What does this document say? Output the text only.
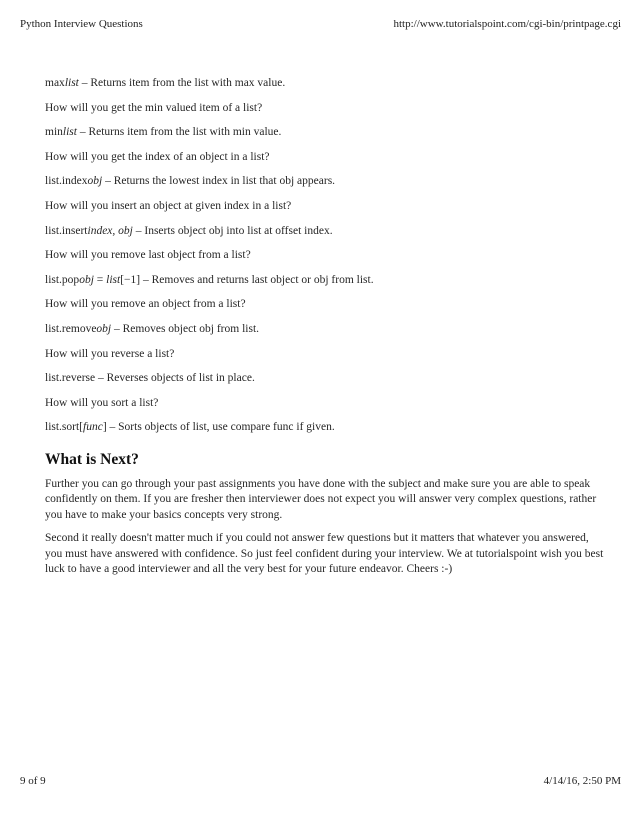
Python Interview Questions	http://www.tutorialspoint.com/cgi-bin/printpage.cgi

maxlist – Returns item from the list with max value.

How will you get the min valued item of a list?

minlist – Returns item from the list with min value.

How will you get the index of an object in a list?

list.indexobj – Returns the lowest index in list that obj appears.

How will you insert an object at given index in a list?

list.insertindex, obj – Inserts object obj into list at offset index.

How will you remove last object from a list?

list.popobj = list[−1] – Removes and returns last object or obj from list.

How will you remove an object from a list?

list.removeobj – Removes object obj from list.

How will you reverse a list?

list.reverse – Reverses objects of list in place.

How will you sort a list?

list.sort[func] – Sorts objects of list, use compare func if given.

What is Next?

Further you can go through your past assignments you have done with the subject and make sure you are able to speak confidently on them. If you are fresher then interviewer does not expect you will answer very complex questions, rather you have to make your basics concepts very strong.

Second it really doesn't matter much if you could not answer few questions but it matters that whatever you answered, you must have answered with confidence. So just feel confident during your interview. We at tutorialspoint wish you best luck to have a good interviewer and all the very best for your future endeavor. Cheers :-)

9 of 9	4/14/16, 2:50 PM
